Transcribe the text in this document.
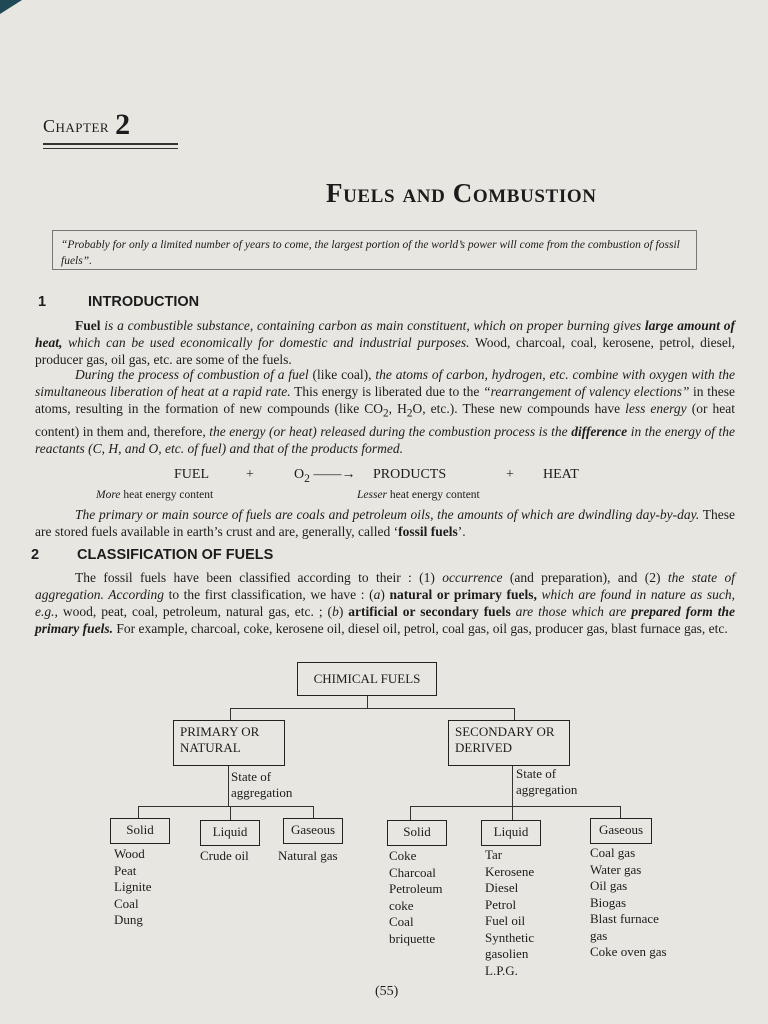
Chapter 2
Fuels and Combustion
“Probably for only a limited number of years to come, the largest portion of the world’s power will come from the combustion of fossil fuels”.
1	INTRODUCTION

Fuel is a combustible substance, containing carbon as main constituent, which on proper burning gives large amount of heat, which can be used economically for domestic and industrial purposes. Wood, charcoal, coal, kerosene, petrol, diesel, producer gas, oil gas, etc. are some of the fuels.

During the process of combustion of a fuel (like coal), the atoms of carbon, hydrogen, etc. combine with oxygen with the simultaneous liberation of heat at a rapid rate. This energy is liberated due to the “rearrangement of valency elections” in these atoms, resulting in the formation of new compounds (like $CO_2$, $H_2O$, etc.). These new compounds have less energy (or heat content) in them and, therefore, the energy (or heat) released during the combustion process is the difference in the energy of the reactants (C, H, and O, etc. of fuel) and that of the products formed.

FUEL	+	$O_2$ ——→ PRODUCTS	+ HEAT
More heat energy content	Lesser heat energy content

The primary or main source of fuels are coals and petroleum oils, the amounts of which are dwindling day-by-day. These are stored fuels available in earth’s crust and are, generally, called ‘fossil fuels’.

2	CLASSIFICATION OF FUELS

The fossil fuels have been classified according to their : (1) occurrence (and preparation), and (2) the state of aggregation. According to the first classification, we have : (a) natural or primary fuels, which are found in nature as such, e.g., wood, peat, coal, petroleum, natural gas, etc. ; (b) artificial or secondary fuels are those which are prepared form the primary fuels. For example, charcoal, coke, kerosene oil, diesel oil, petrol, coal gas, oil gas, producer gas, blast furnace gas, etc.

CHIMICAL FUELS
PRIMARY OR NATURAL
SECONDARY OR DERIVED
State of aggregation
State of aggregation
Solid	Liquid	Gaseous
Wood
Peat
Lignite
Coal
Dung
Crude oil Natural gas
Solid	Liquid	Gaseous
Coke
Charcoal
Petroleum
coke
Coal
briquette
Tar
Kerosene
Diesel
Petrol
Fuel oil
Synthetic
gasolien
L.P.G.
Coal gas
Water gas
Oil gas
Biogas
Blast furnace
gas
Coke oven gas
(55)
